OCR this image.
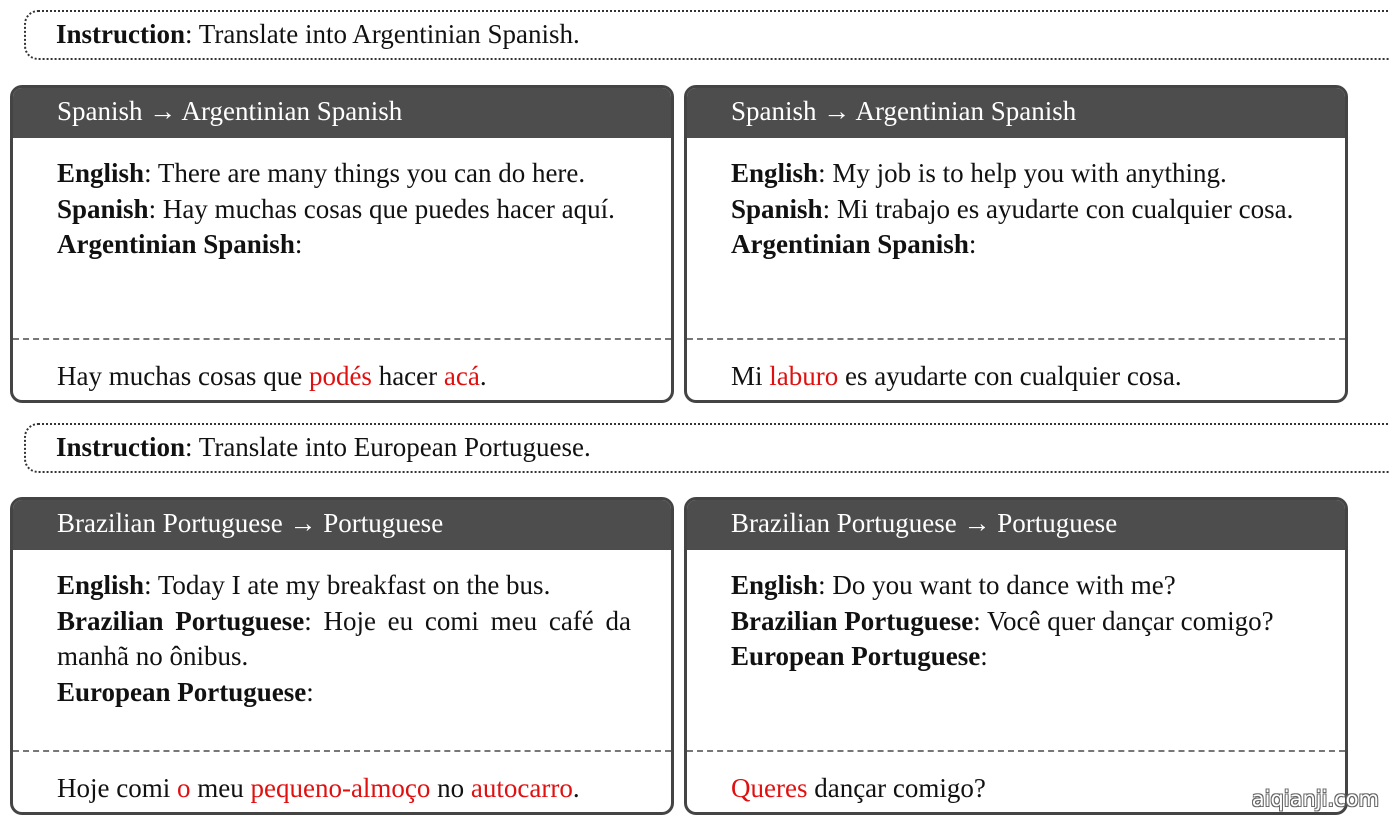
Instruction: Translate into Argentinian Spanish.
Spanish → Argentinian Spanish
English: There are many things you can do here.
Spanish: Hay muchas cosas que puedes hacer aquí.
Argentinian Spanish:
Hay muchas cosas que podés hacer acá.
Spanish → Argentinian Spanish
English: My job is to help you with anything.
Spanish: Mi trabajo es ayudarte con cualquier cosa.
Argentinian Spanish:
Mi laburo es ayudarte con cualquier cosa.
Instruction: Translate into European Portuguese.
Brazilian Portuguese → Portuguese
English: Today I ate my breakfast on the bus.
Brazilian Portuguese: Hoje eu comi meu café da manhã no ônibus.
European Portuguese:
Hoje comi o meu pequeno-almoço no autocarro.
Brazilian Portuguese → Portuguese
English: Do you want to dance with me?
Brazilian Portuguese: Você quer dançar comigo?
European Portuguese:
Queres dançar comigo?	aiqianji.com
